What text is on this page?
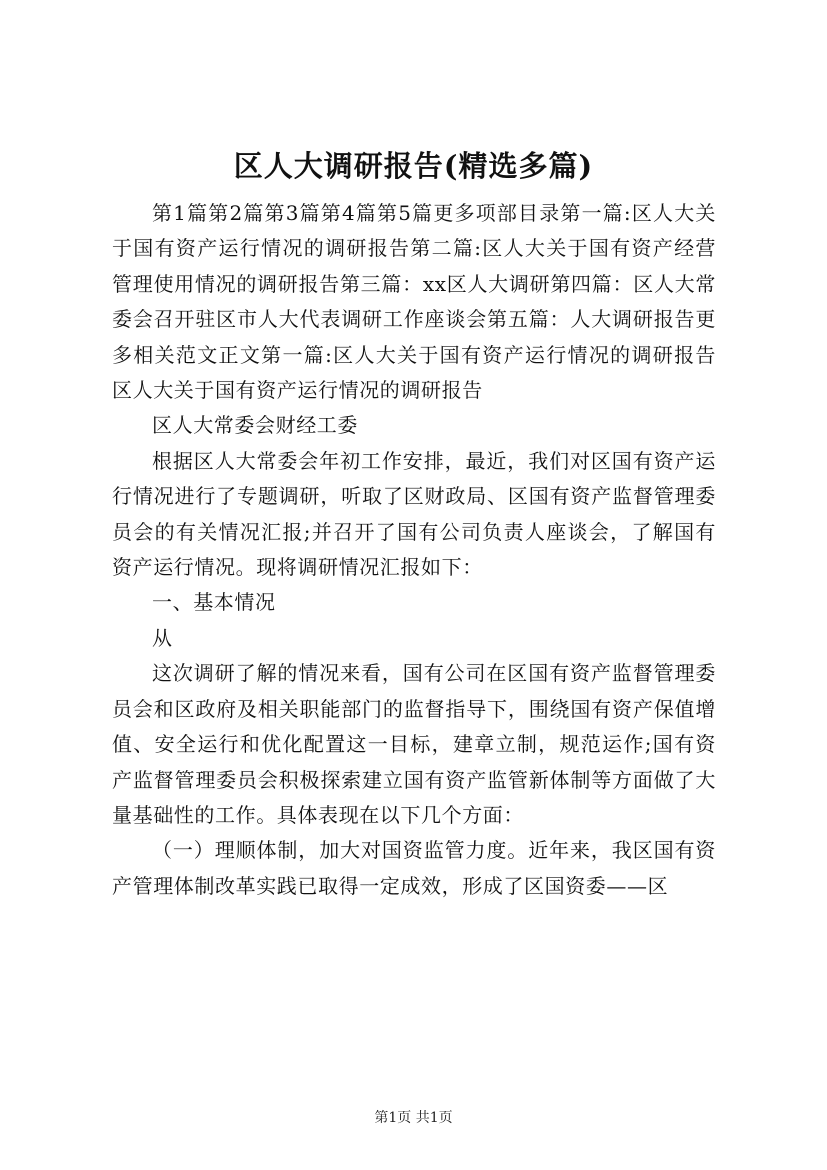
区人大调研报告(精选多篇)

第1篇第2篇第3篇第4篇第5篇更多项部目录第一篇:区人大关于国有资产运行情况的调研报告第二篇:区人大关于国有资产经营管理使用情况的调研报告第三篇：xx区人大调研第四篇：区人大常委会召开驻区市人大代表调研工作座谈会第五篇：人大调研报告更多相关范文正文第一篇:区人大关于国有资产运行情况的调研报告区人大关于国有资产运行情况的调研报告

区人大常委会财经工委

根据区人大常委会年初工作安排，最近，我们对区国有资产运行情况进行了专题调研，听取了区财政局、区国有资产监督管理委员会的有关情况汇报;并召开了国有公司负责人座谈会，了解国有资产运行情况。现将调研情况汇报如下：

一、基本情况

从

这次调研了解的情况来看，国有公司在区国有资产监督管理委员会和区政府及相关职能部门的监督指导下，围绕国有资产保值增值、安全运行和优化配置这一目标，建章立制，规范运作;国有资产监督管理委员会积极探索建立国有资产监管新体制等方面做了大量基础性的工作。具体表现在以下几个方面：

（一）理顺体制，加大对国资监管力度。近年来，我区国有资产管理体制改革实践已取得一定成效，形成了区国资委——区

第1页 共1页
